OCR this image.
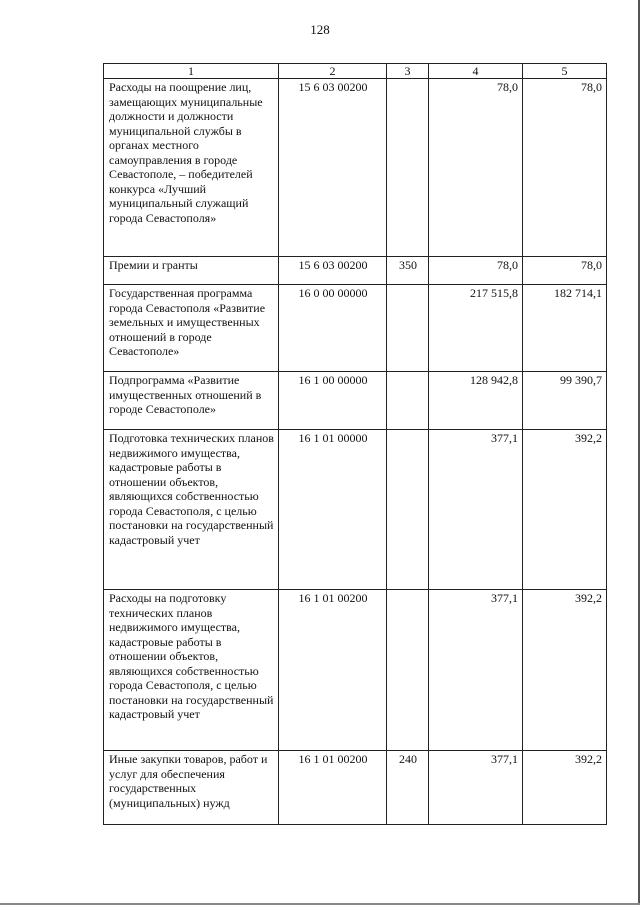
128
1	2	3	4	5
Расходы на поощрение лиц, замещающих муниципальные должности и должности муниципальной службы в органах местного самоуправления в городе Севастополе, – победителей конкурса «Лучший муниципальный служащий города Севастополя»	15 6 03 00200		78,0	78,0
Премии и гранты	15 6 03 00200	350	78,0	78,0
Государственная программа города Севастополя «Развитие земельных и имущественных отношений в городе Севастополе»	16 0 00 00000		217 515,8	182 714,1
Подпрограмма «Развитие имущественных отношений в городе Севастополе»	16 1 00 00000		128 942,8	99 390,7
Подготовка технических планов недвижимого имущества, кадастровые работы в отношении объектов, являющихся собственностью города Севастополя, с целью постановки на государственный кадастровый учет	16 1 01 00000		377,1	392,2
Расходы на подготовку технических планов недвижимого имущества, кадастровые работы в отношении объектов, являющихся собственностью города Севастополя, с целью постановки на государственный кадастровый учет	16 1 01 00200		377,1	392,2
Иные закупки товаров, работ и услуг для обеспечения государственных (муниципальных) нужд	16 1 01 00200	240	377,1	392,2
